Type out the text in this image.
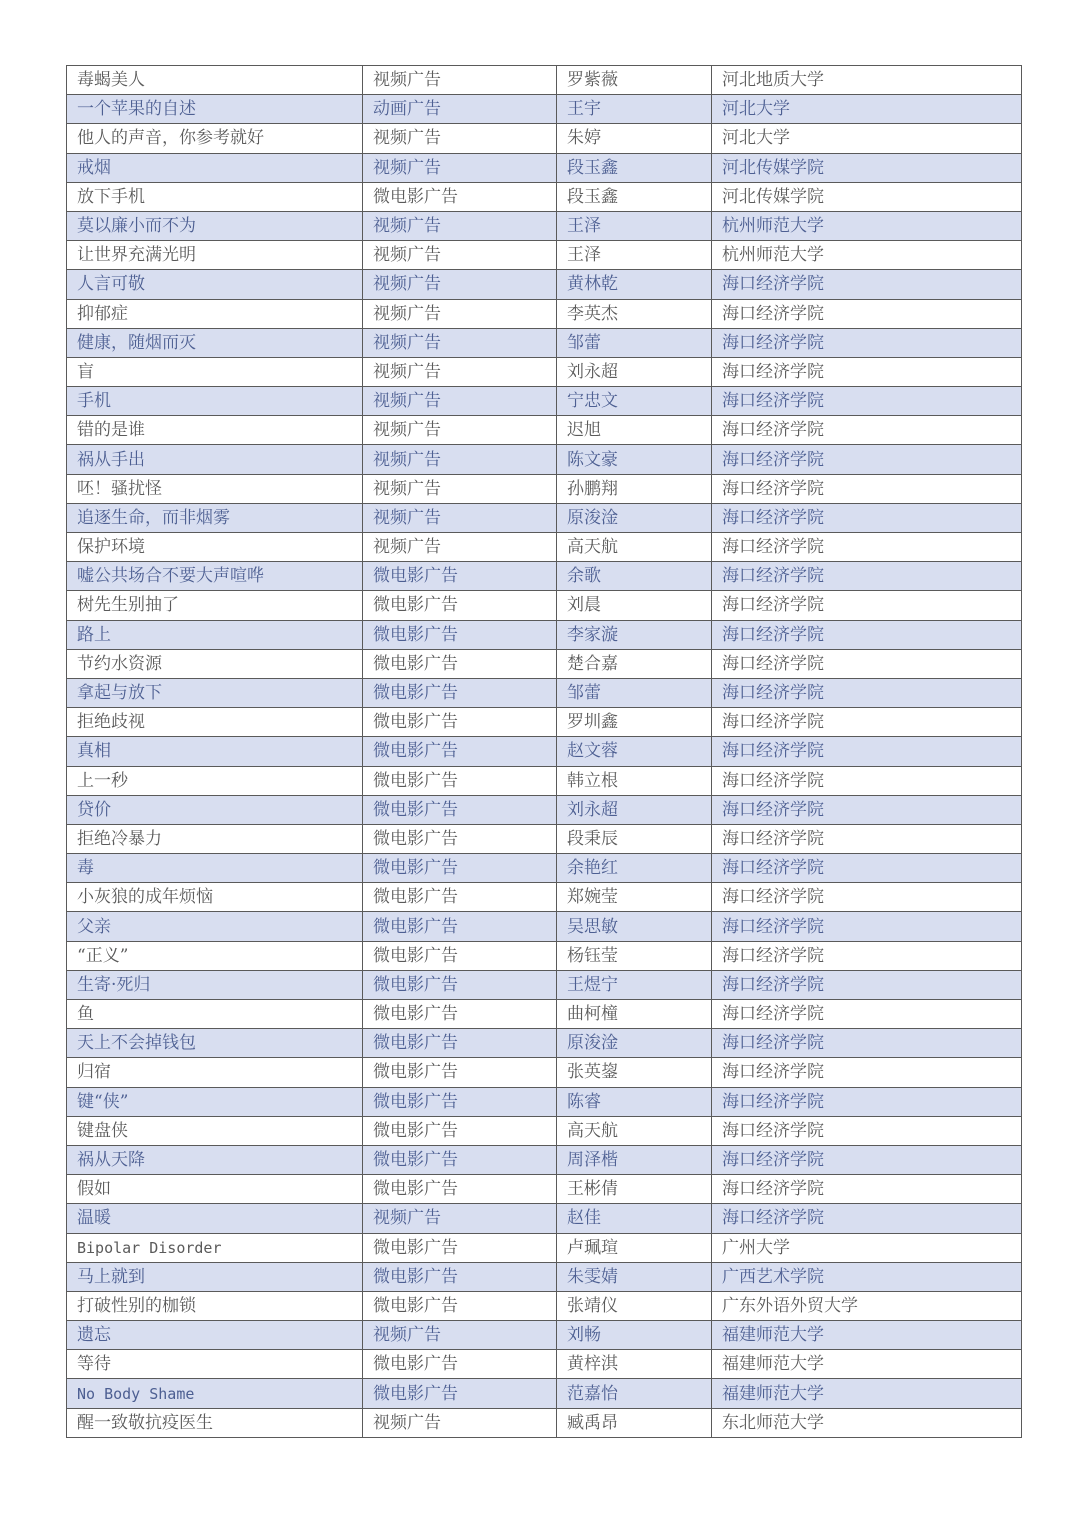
毒蝎美人	视频广告	罗紫薇	河北地质大学
一个苹果的自述	动画广告	王宇	河北大学
他人的声音，你参考就好	视频广告	朱婷	河北大学
戒烟	视频广告	段玉鑫	河北传媒学院
放下手机	微电影广告	段玉鑫	河北传媒学院
莫以廉小而不为	视频广告	王泽	杭州师范大学
让世界充满光明	视频广告	王泽	杭州师范大学
人言可敬	视频广告	黄林乾	海口经济学院
抑郁症	视频广告	李英杰	海口经济学院
健康，随烟而灭	视频广告	邹蕾	海口经济学院
盲	视频广告	刘永超	海口经济学院
手机	视频广告	宁忠文	海口经济学院
错的是谁	视频广告	迟旭	海口经济学院
祸从手出	视频广告	陈文豪	海口经济学院
呸！骚扰怪	视频广告	孙鹏翔	海口经济学院
追逐生命，而非烟雾	视频广告	原浚淦	海口经济学院
保护环境	视频广告	高天航	海口经济学院
嘘公共场合不要大声喧哗	微电影广告	余歌	海口经济学院
树先生别抽了	微电影广告	刘晨	海口经济学院
路上	微电影广告	李家漩	海口经济学院
节约水资源	微电影广告	楚合嘉	海口经济学院
拿起与放下	微电影广告	邹蕾	海口经济学院
拒绝歧视	微电影广告	罗圳鑫	海口经济学院
真相	微电影广告	赵文蓉	海口经济学院
上一秒	微电影广告	韩立根	海口经济学院
贷价	微电影广告	刘永超	海口经济学院
拒绝冷暴力	微电影广告	段秉辰	海口经济学院
毒	微电影广告	余艳红	海口经济学院
小灰狼的成年烦恼	微电影广告	郑婉莹	海口经济学院
父亲	微电影广告	吴思敏	海口经济学院
“正义”	微电影广告	杨钰莹	海口经济学院
生寄·死归	微电影广告	王煜宁	海口经济学院
鱼	微电影广告	曲柯橦	海口经济学院
天上不会掉钱包	微电影广告	原浚淦	海口经济学院
归宿	微电影广告	张英鋆	海口经济学院
键“侠”	微电影广告	陈睿	海口经济学院
键盘侠	微电影广告	高天航	海口经济学院
祸从天降	微电影广告	周泽楷	海口经济学院
假如	微电影广告	王彬倩	海口经济学院
温暖	视频广告	赵佳	海口经济学院
Bipolar Disorder	微电影广告	卢珮瑄	广州大学
马上就到	微电影广告	朱雯婧	广西艺术学院
打破性别的枷锁	微电影广告	张靖仪	广东外语外贸大学
遗忘	视频广告	刘畅	福建师范大学
等待	微电影广告	黄梓淇	福建师范大学
No Body Shame	微电影广告	范嘉怡	福建师范大学
醒一致敬抗疫医生	视频广告	臧禹昂	东北师范大学
